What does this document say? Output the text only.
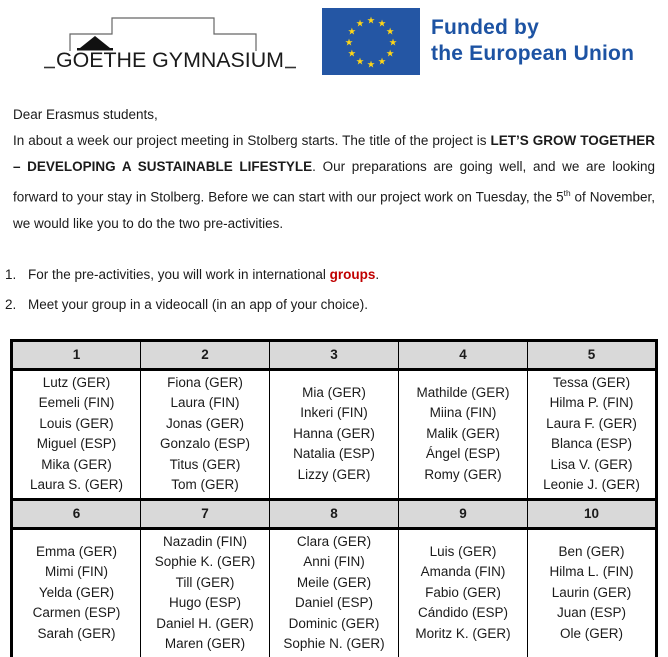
GOETHE GYMNASIUM
★ ★
★
★
★
★
★
★
★
★
★
★	Funded by
the European Union
Dear Erasmus students,
In about a week our project meeting in Stolberg starts. The title of the project is LET’S GROW TOGETHER – DEVELOPING A SUSTAINABLE LIFESTYLE. Our preparations are going well, and we are looking forward to your stay in Stolberg. Before we can start with our project work on Tuesday, the 5th of November, we would like you to do the two pre-activities.
1. For the pre-activities, you will work in international groups.
2. Meet your group in a videocall (in an app of your choice).
1	2	3	4	5

Lutz (GER)
Eemeli (FIN)
Louis (GER)
Miguel (ESP)
Mika (GER)
Laura S. (GER)

Fiona (GER)
Laura (FIN)
Jonas (GER)
Gonzalo (ESP)
Titus (GER)
Tom (GER)

Mia (GER)
Inkeri (FIN)
Hanna (GER)
Natalia (ESP)
Lizzy (GER)

Mathilde (GER)
Miina (FIN)
Malik (GER)
Ángel (ESP)
Romy (GER)

Tessa (GER)
Hilma P. (FIN)
Laura F. (GER)
Blanca (ESP)
Lisa V. (GER)
Leonie J. (GER)

6	7	8	9	10

Emma (GER)
Mimi (FIN)
Yelda (GER)
Carmen (ESP)
Sarah (GER)

Nazadin (FIN)
Sophie K. (GER)
Till (GER)
Hugo (ESP)
Daniel H. (GER)
Maren (GER)

Clara (GER)
Anni (FIN)
Meile (GER)
Daniel (ESP)
Dominic (GER)
Sophie N. (GER)

Luis (GER)
Amanda (FIN)
Fabio (GER)
Cándido (ESP)
Moritz K. (GER)

Ben (GER)
Hilma L. (FIN)
Laurin (GER)
Juan (ESP)
Ole (GER)
